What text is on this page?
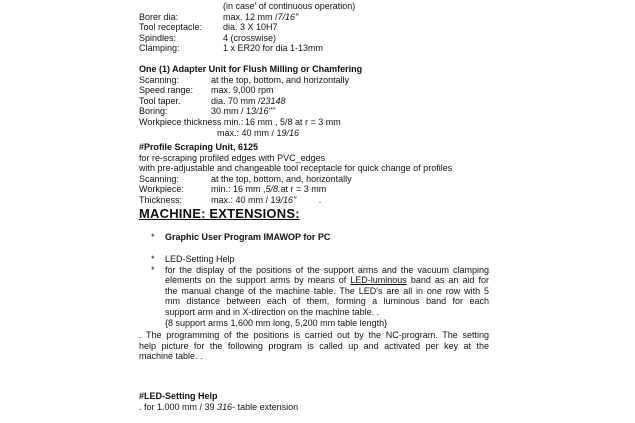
(in case' of continuous operation)
Borer dia:	max. 12 mm / 7/16"
Tool receptacle:	dia. 3 X 10H7
Spindles:	4 (crosswise)
Clamping:	1 x ER20 for dia 1-13mm
One (1) Adapter Unit for Flush Milling or Chamfering
Scanning:	at the top, bottom, and horizontally
Speed range:	max. 9,000 rpm
Tool taper.	dia. 70 mm /2 3148
Boring:	30 mm / 1 3/16""
Workpiece thickness min.: 16 mm , 5/8 at r = 3 mm
max.: 40 mm / 1 9/16
#Profile Scraping Unit, 6125
for re-scraping profiled edges with PVC_edges
with pre-adjustable and changeable tool receptacle for quick change of profiles
Scanning:	at the top, bottom, and, horizontally
Workpiece:	min.: 16 mm , 5/8. at r = 3 mm
Thickness:	max.: 40 mm / 1 9/16" .
MACHINE: EXTENSIONS:
* Graphic User Program IMAWOP for PC
* LED-Setting Help
* for the display of the positions of the support arms and the vacuum clamping
elements on the support arms by means of LED-luminous band as an aid for
the manual change of the machine table. The LED's are all in one row with 5
mm distance between each of them, forming a luminous band for each
support arm and in X-direction on the machine table. .
{8 support arms 1,600 mm long, 5,200 mm table length}
. The programming of the positions is carried out by the NC-program. The setting
help picture for the following program is called up and activated per key at the
machine table. .
#LED-Setting Help
. for 1.000 mm / 39 316- table extension
